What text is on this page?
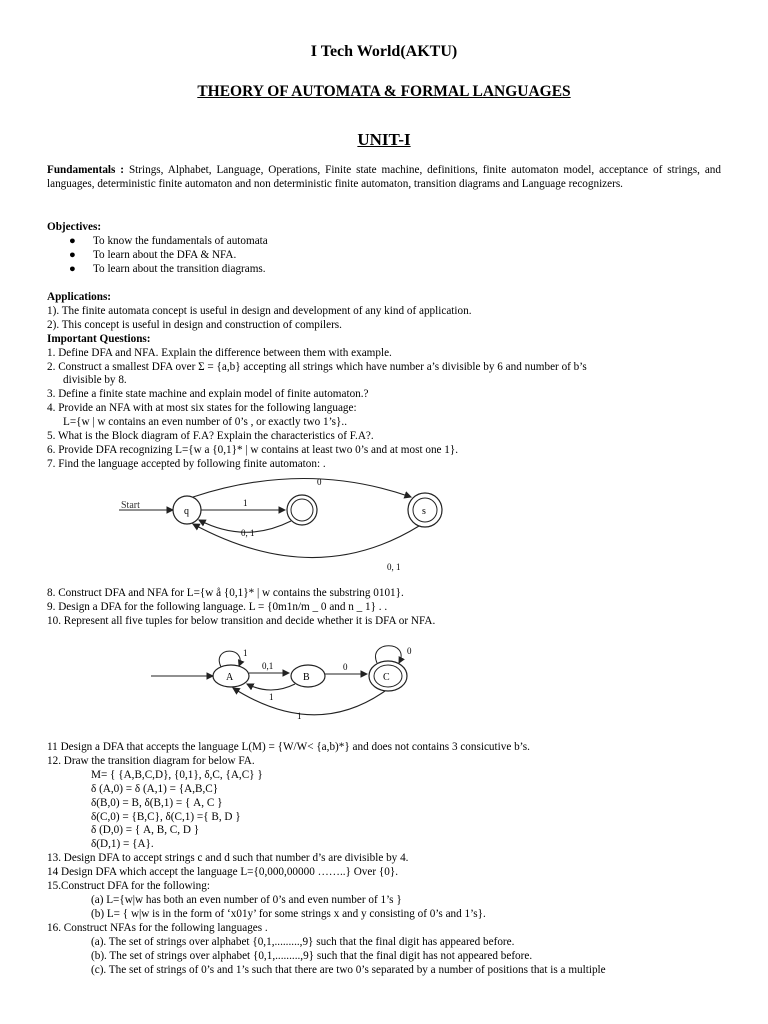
I Tech World(AKTU)
THEORY OF AUTOMATA & FORMAL LANGUAGES
UNIT-I
Fundamentals : Strings, Alphabet, Language, Operations, Finite state machine, definitions, finite automaton model, acceptance of strings, and languages, deterministic finite automaton and non deterministic finite automaton, transition diagrams and Language recognizers.
Objectives:
● To know the fundamentals of automata
● To learn about the DFA & NFA.
● To learn about the transition diagrams.
Applications:
1). The finite automata concept is useful in design and development of any kind of application.
2). This concept is useful in design and construction of compilers.
Important Questions:
1. Define DFA and NFA. Explain the difference between them with example.
2. Construct a smallest DFA over Σ = {a,b} accepting all strings which have number a’s divisible by 6 and number of b’s
divisible by 8.
3. Define a finite state machine and explain model of finite automaton.?
4. Provide an NFA with at most six states for the following language:
L={w | w contains an even number of 0’s , or exactly two 1’s}..
5. What is the Block diagram of F.A? Explain the characteristics of F.A?.
6. Provide DFA recognizing L={w a {0,1}* | w contains at least two 0’s and at most one 1}.
7. Find the language accepted by following finite automaton: .
Start
q	s
0
1
0, 1
0, 1
8. Construct DFA and NFA for L={w å {0,1}* | w contains the substring 0101}.
9. Design a DFA for the following language. L = {0m1n/m _ 0 and n _ 1} . .
10. Represent all five tuples for below transition and decide whether it is DFA or NFA.
A
1
B	C
0
0,1	0
1
1
11 Design a DFA that accepts the language L(M) = {W/W< {a,b)*} and does not contains 3 consicutive b’s.
12. Draw the transition diagram for below FA.
M= { {A,B,C,D}, {0,1}, δ,C, {A,C} }
δ (A,0) = δ (A,1) = {A,B,C}
δ(B,0) = B, δ(B,1) = { A, C }
δ(C,0) = {B,C}, δ(C,1) ={ B, D }
δ (D,0) = { A, B, C, D }
δ(D,1) = {A}.
13. Design DFA to accept strings c and d such that number d’s are divisible by 4.
14 Design DFA which accept the language L={0,000,00000 ……..} Over {0}.
15.Construct DFA for the following:
(a) L={w|w has both an even number of 0’s and even number of 1’s }
(b) L= { w|w is in the form of ‘x01y’ for some strings x and y consisting of 0’s and 1’s}.
16. Construct NFAs for the following languages .
(a). The set of strings over alphabet {0,1,.........,9} such that the final digit has appeared before.
(b). The set of strings over alphabet {0,1,.........,9} such that the final digit has not appeared before.
(c). The set of strings of 0’s and 1’s such that there are two 0’s separated by a number of positions that is a multiple
